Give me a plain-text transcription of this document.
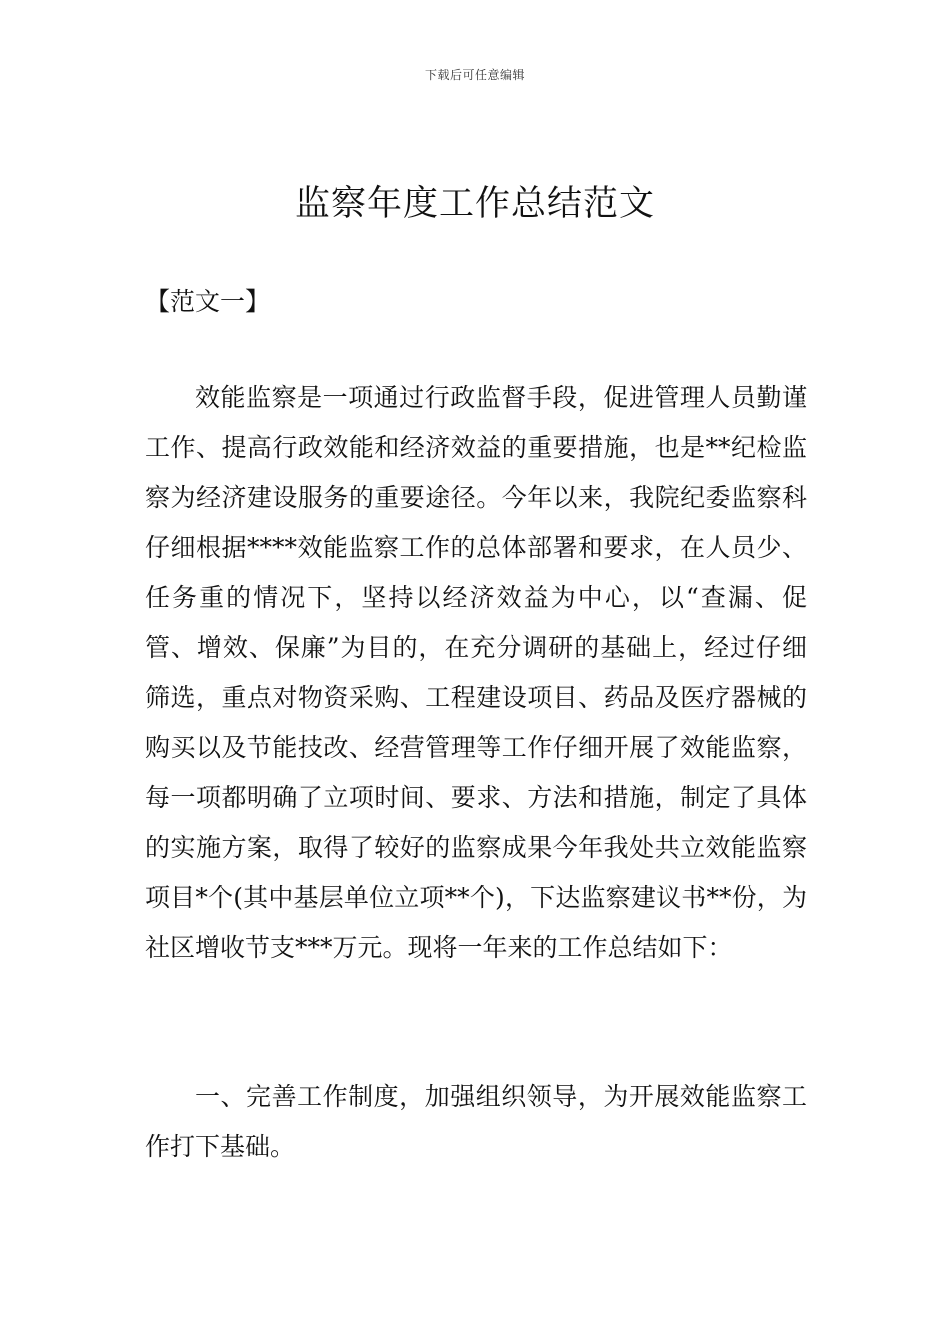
下载后可任意编辑
监察年度工作总结范文

【范文一】

效能监察是一项通过行政监督手段，促进管理人员勤谨工作、提高行政效能和经济效益的重要措施，也是**纪检监察为经济建设服务的重要途径。今年以来，我院纪委监察科仔细根据****效能监察工作的总体部署和要求，在人员少、任务重的情况下，坚持以经济效益为中心，以“查漏、促管、增效、保廉”为目的，在充分调研的基础上，经过仔细筛选，重点对物资采购、工程建设项目、药品及医疗器械的购买以及节能技改、经营管理等工作仔细开展了效能监察，每一项都明确了立项时间、要求、方法和措施，制定了具体的实施方案，取得了较好的监察成果今年我处共立效能监察项目*个(其中基层单位立项**个)，下达监察建议书**份，为社区增收节支***万元。现将一年来的工作总结如下：

一、完善工作制度，加强组织领导，为开展效能监察工作打下基础。
